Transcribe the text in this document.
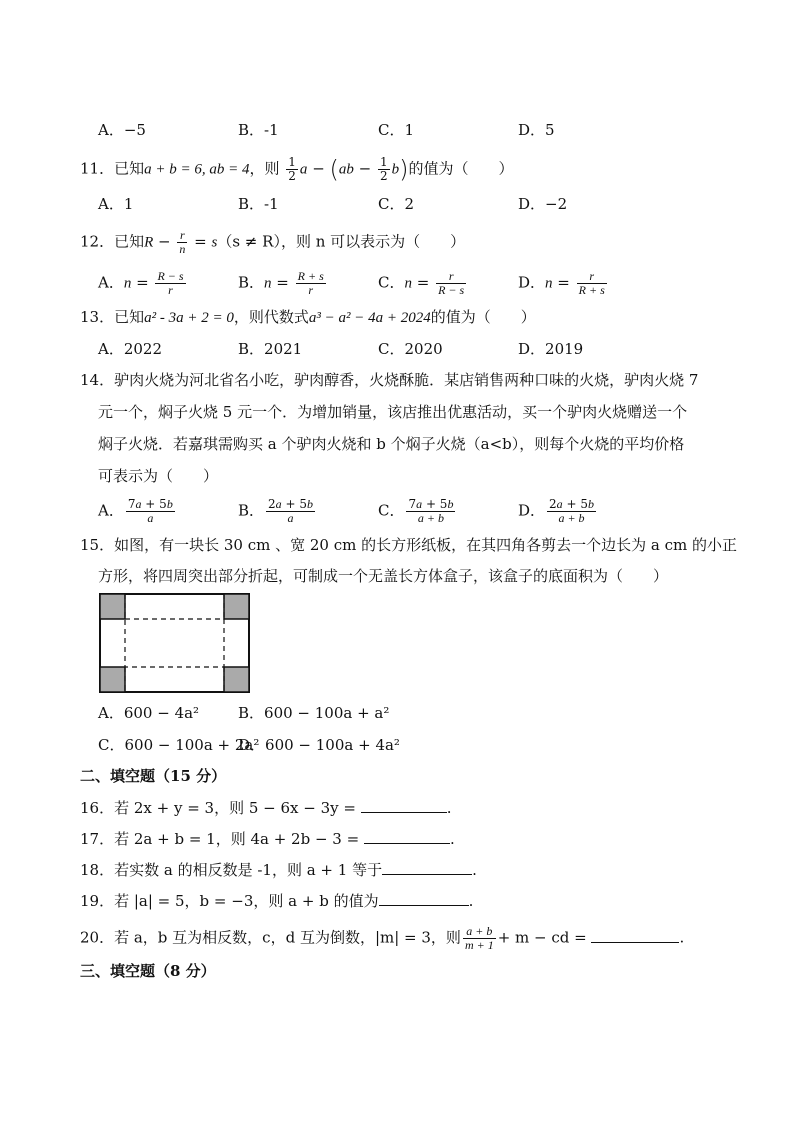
A．−5	B．-1	C．1	D．5
11．已知a + b = 6, ab = 4，则 $\frac{1}{2}$ $a - (ab - \frac{1}{2} b)$的值为（　　）
A．1	B．-1	C．2	D．−2
12．已知$R - \frac{r}{n} = s(s \ne R)$，则 n 可以表示为（　　）
A．$n = \frac{R - s}{r}$	B．$n = \frac{R + s}{r}$	C．$n = \frac{r}{R - s}$	D．$n = \frac{r}{R + s}$
13．已知a² - 3a + 2 = 0，则代数式a³ − a² − 4a + 2024的值为（　　）
A．2022	B．2021	C．2020	D．2019
14．驴肉火烧为河北省名小吃，驴肉醇香，火烧酥脆．某店销售两种口味的火烧，驴肉火烧 7
元一个，焖子火烧 5 元一个．为增加销量，该店推出优惠活动，买一个驴肉火烧赠送一个
焖子火烧．若嘉琪需购买 a 个驴肉火烧和 b 个焖子火烧（a<b），则每个火烧的平均价格
可表示为（　　）
A． $\frac{7a + 5b}{a}$	B． $\frac{2a + 5b}{a}$	C． $\frac{7a + 5b}{a + b}$	D． $\frac{2a + 5b}{a + b}$
15．如图，有一块长 30 cm 、宽 20 cm 的长方形纸板，在其四角各剪去一个边长为 a cm 的小正
方形，将四周突出部分折起，可制成一个无盖长方体盒子，该盒子的底面积为（　　）
A．600 − 4a²	B．600 − 100a + a²
C．600 − 100a + 2a²
D．600 − 100a + 4a²
二、填空题（15 分）
16．若 2x + y = 3，则 5 − 6x − 3y =	.
17．若 2a + b = 1，则 4a + 2b − 3 =	.
18．若实数 a 的相反数是 -1，则 a + 1 等于	.
19．若 |a| = 5，b = −3，则 a + b 的值为	.
20．若 a，b 互为相反数，c，d 互为倒数，|m| = 3，则 $\frac{a + b}{m + 1} + m$ − cd =	.
三、填空题（8 分）
